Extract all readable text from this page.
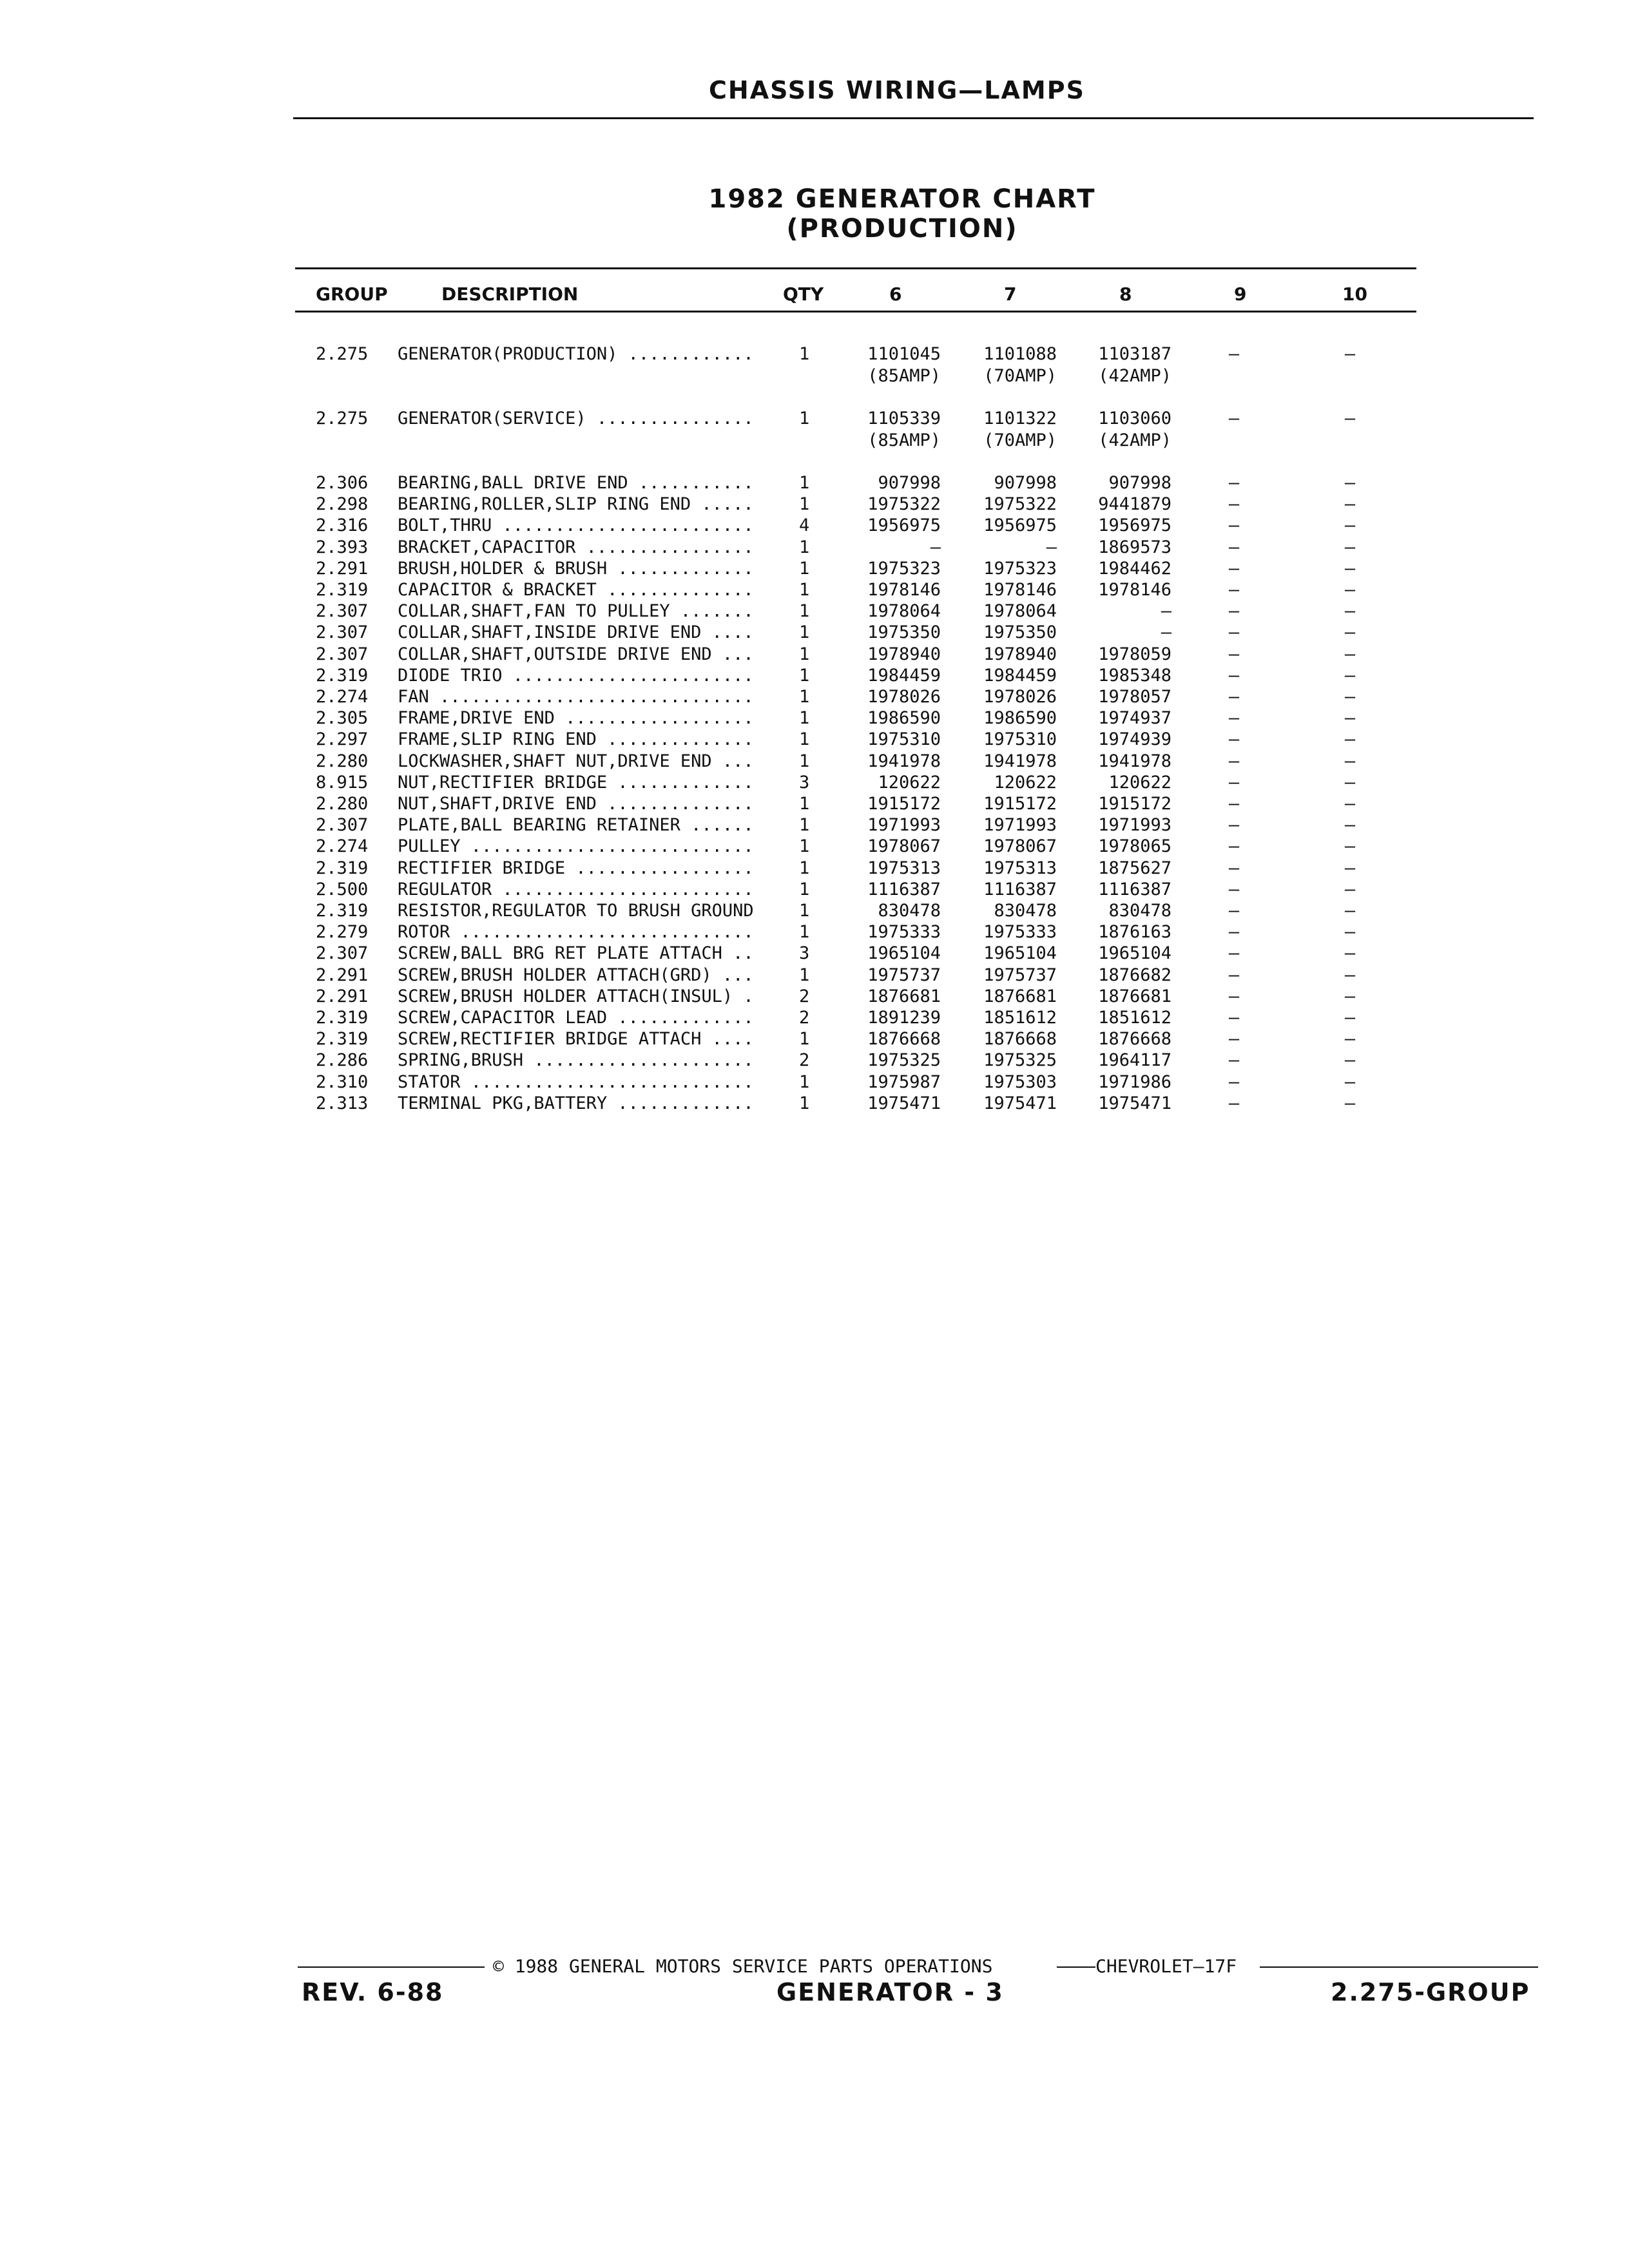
CHASSIS WIRING—LAMPS
1982 GENERATOR CHART
(PRODUCTION)
GROUP	DESCRIPTION	QTY	6	7	8	9	10
2.275 GENERATOR(PRODUCTION) ............	1	1101045	1101088	1103187	—	—
(85AMP)	(70AMP)	(42AMP)
2.275 GENERATOR(SERVICE) ...............	1	1105339	1101322	1103060	—	—
(85AMP)	(70AMP)	(42AMP)
2.306 BEARING,BALL DRIVE END ...........	1	907998	907998	907998	—	—
2.298 BEARING,ROLLER,SLIP RING END .....	1	1975322	1975322	9441879	—	—
2.316 BOLT,THRU ........................	4	1956975	1956975	1956975	—	—
2.393 BRACKET,CAPACITOR ................	1	—	—	1869573	—	—
2.291 BRUSH,HOLDER & BRUSH .............	1	1975323	1975323	1984462	—	—
2.319 CAPACITOR & BRACKET ..............	1	1978146	1978146	1978146	—	—
2.307 COLLAR,SHAFT,FAN TO PULLEY .......	1	1978064	1978064	—	—	—
2.307 COLLAR,SHAFT,INSIDE DRIVE END ....	1	1975350	1975350	—	—	—
2.307 COLLAR,SHAFT,OUTSIDE DRIVE END ...	1	1978940	1978940	1978059	—	—
2.319 DIODE TRIO .......................	1	1984459	1984459	1985348	—	—
2.274 FAN ..............................	1	1978026	1978026	1978057	—	—
2.305 FRAME,DRIVE END ..................	1	1986590	1986590	1974937	—	—
2.297 FRAME,SLIP RING END ..............	1	1975310	1975310	1974939	—	—
2.280 LOCKWASHER,SHAFT NUT,DRIVE END ...	1	1941978	1941978	1941978	—	—
8.915 NUT,RECTIFIER BRIDGE .............	3	120622	120622	120622	—	—
2.280 NUT,SHAFT,DRIVE END ..............	1	1915172	1915172	1915172	—	—
2.307 PLATE,BALL BEARING RETAINER ......	1	1971993	1971993	1971993	—	—
2.274 PULLEY ...........................	1	1978067	1978067	1978065	—	—
2.319 RECTIFIER BRIDGE .................	1	1975313	1975313	1875627	—	—
2.500 REGULATOR ........................	1	1116387	1116387	1116387	—	—
2.319 RESISTOR,REGULATOR TO BRUSH GROUND	1	830478	830478	830478	—	—
2.279 ROTOR ............................	1	1975333	1975333	1876163	—	—
2.307 SCREW,BALL BRG RET PLATE ATTACH ..	3	1965104	1965104	1965104	—	—
2.291 SCREW,BRUSH HOLDER ATTACH(GRD) ...	1	1975737	1975737	1876682	—	—
2.291 SCREW,BRUSH HOLDER ATTACH(INSUL) .	2	1876681	1876681	1876681	—	—
2.319 SCREW,CAPACITOR LEAD .............	2	1891239	1851612	1851612	—	—
2.319 SCREW,RECTIFIER BRIDGE ATTACH ....	1	1876668	1876668	1876668	—	—
2.286 SPRING,BRUSH .....................	2	1975325	1975325	1964117	—	—
2.310 STATOR ...........................	1	1975987	1975303	1971986	—	—
2.313 TERMINAL PKG,BATTERY .............	1	1975471	1975471	1975471	—	—
© 1988 GENERAL MOTORS SERVICE PARTS OPERATIONS	CHEVROLET—17F
REV. 6-88	GENERATOR - 3	2.275-GROUP
